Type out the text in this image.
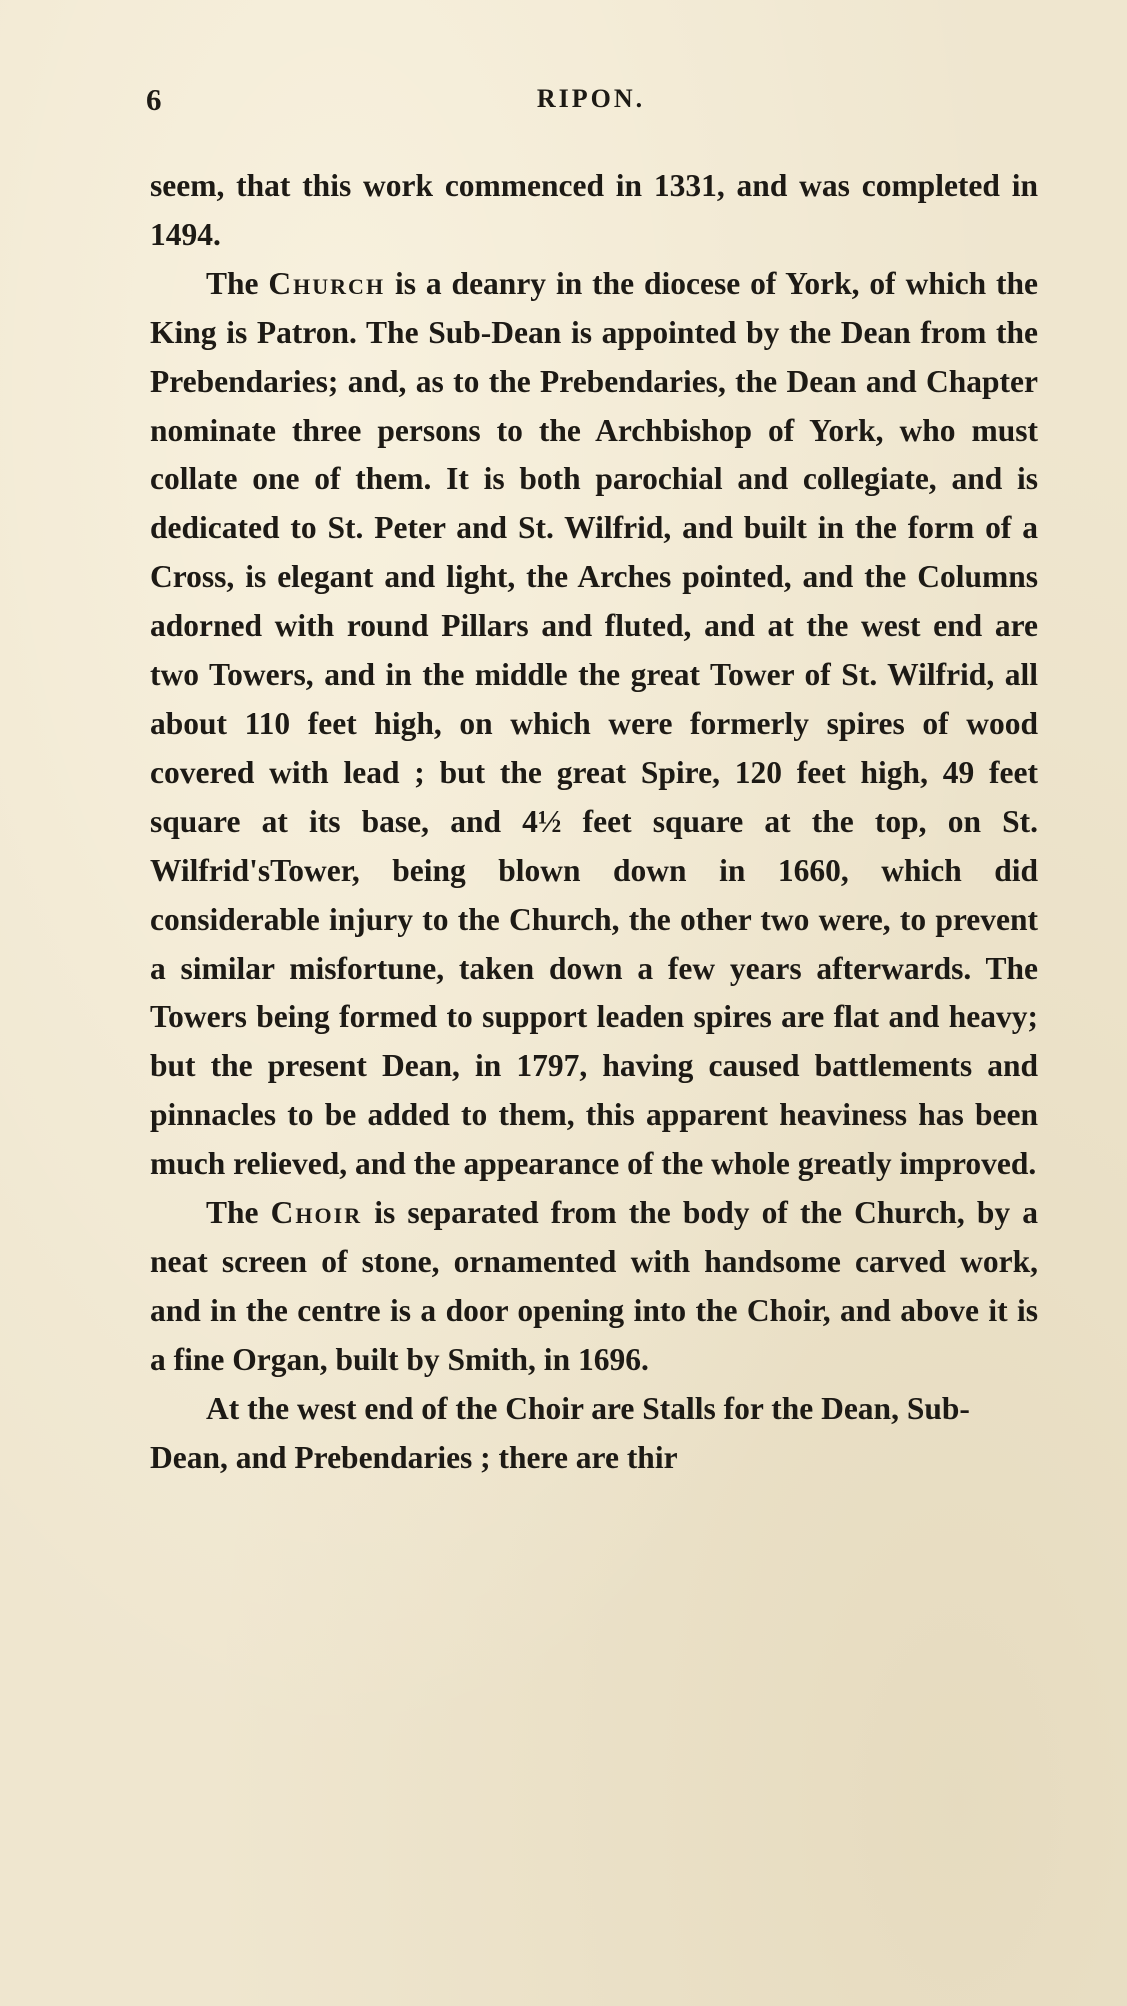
6	RIPON.

seem, that this work commenced in 1331, and was completed in 1494.

The Church is a deanry in the diocese of York, of which the King is Patron. The Sub-Dean is appointed by the Dean from the Prebendaries; and, as to the Prebendaries, the Dean and Chapter nominate three persons to the Archbishop of York, who must collate one of them. It is both parochial and collegiate, and is dedicated to St. Peter and St. Wilfrid, and built in the form of a Cross, is elegant and light, the Arches pointed, and the Columns adorned with round Pillars and fluted, and at the west end are two Towers, and in the middle the great Tower of St. Wilfrid, all about 110 feet high, on which were formerly spires of wood covered with lead ; but the great Spire, 120 feet high, 49 feet square at its base, and 4½ feet square at the top, on St. Wilfrid'sTower, being blown down in 1660, which did considerable injury to the Church, the other two were, to prevent a similar misfortune, taken down a few years afterwards. The Towers being formed to support leaden spires are flat and heavy; but the present Dean, in 1797, having caused battlements and pinnacles to be added to them, this apparent heaviness has been much relieved, and the appearance of the whole greatly improved.

The Choir is separated from the body of the Church, by a neat screen of stone, ornamented with handsome carved work, and in the centre is a door opening into the Choir, and above it is a fine Organ, built by Smith, in 1696.

At the west end of the Choir are Stalls for the Dean, Sub-Dean, and Prebendaries ; there are thir
